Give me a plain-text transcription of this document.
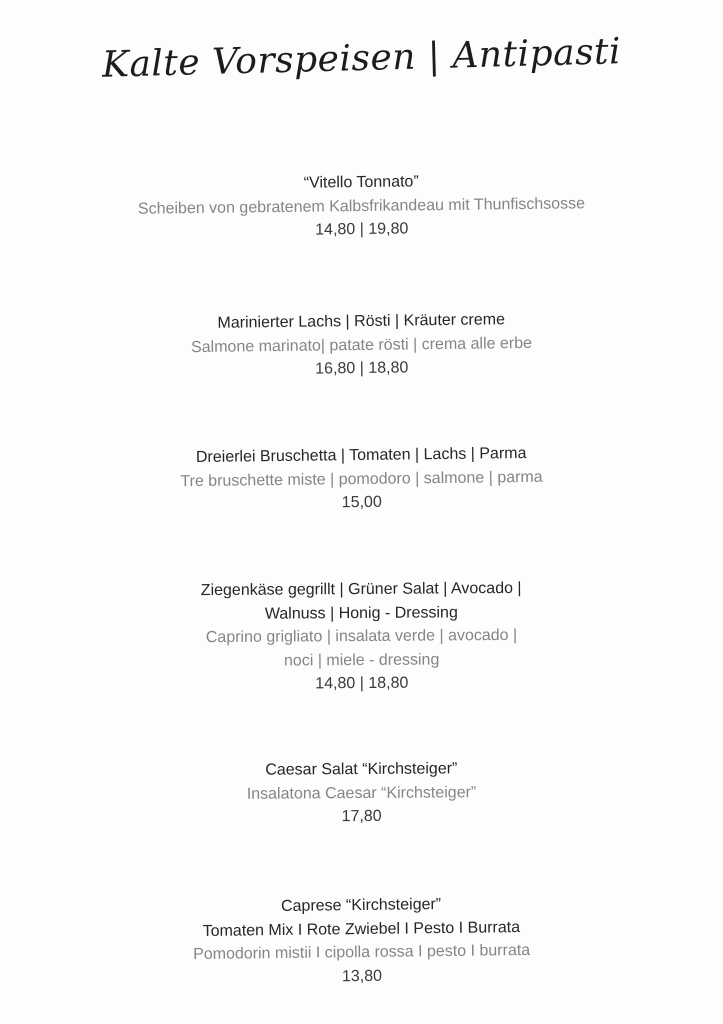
Kalte Vorspeisen | Antipasti
“Vitello Tonnato”
Scheiben von gebratenem Kalbsfrikandeau mit Thunfischsosse
14,80 | 19,80
Marinierter Lachs | Rösti | Kräuter creme
Salmone marinato| patate rösti | crema alle erbe
16,80 | 18,80
Dreierlei Bruschetta | Tomaten | Lachs | Parma
Tre bruschette miste | pomodoro | salmone | parma
15,00
Ziegenkäse gegrillt | Grüner Salat | Avocado |
Walnuss | Honig - Dressing
Caprino grigliato | insalata verde | avocado |
noci | miele - dressing
14,80 | 18,80
Caesar Salat “Kirchsteiger”
Insalatona Caesar “Kirchsteiger”
17,80
Caprese “Kirchsteiger”
Tomaten Mix I Rote Zwiebel I Pesto I Burrata
Pomodorin mistii I cipolla rossa I pesto I burrata
13,80
